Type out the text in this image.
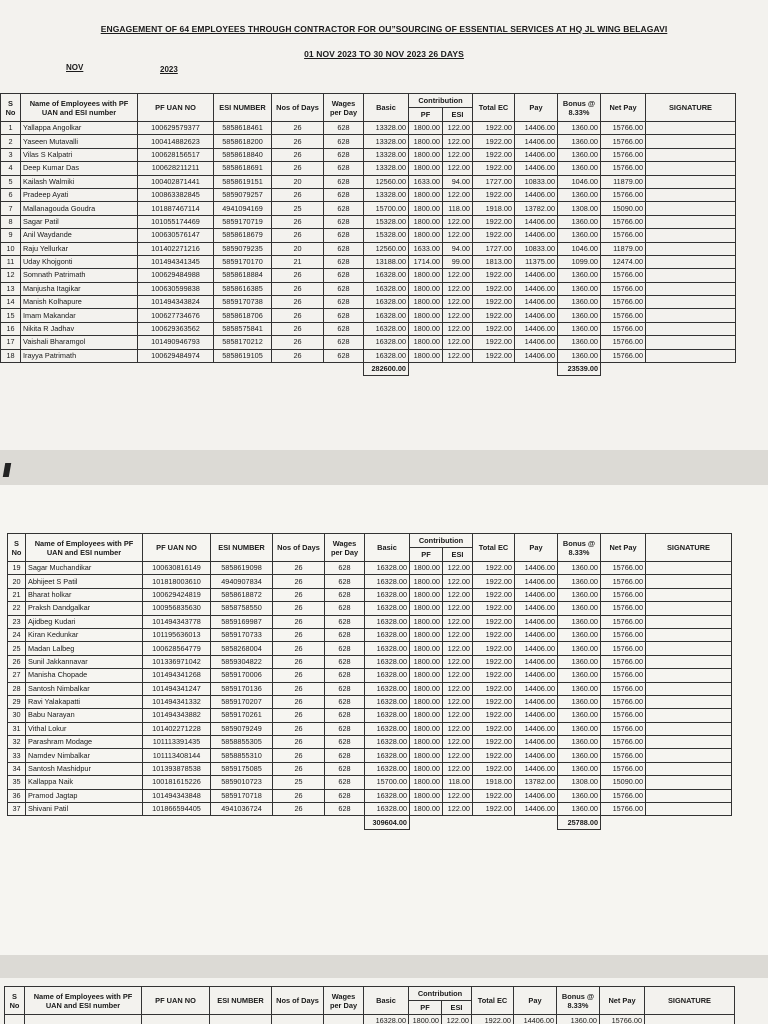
ENGAGEMENT OF 64 EMPLOYEES THROUGH CONTRACTOR FOR OU”SOURCING OF ESSENTIAL SERVICES AT HQ JL WING BELAGAVI
01 NOV 2023 TO 30 NOV 2023 26 DAYS
NOV	2023
S No	Name of Employees with PF UAN and ESI number	PF UAN NO	ESI NUMBER	Nos of Days	Wages per Day	Basic	Contribution		Total EC	Pay	Bonus @ 8.33%	Net Pay	SIGNATURE
							PF	ESI					
1	Yallappa Angolkar	100629579377	5858618461	26	628	13328.00	1800.00	122.00	1922.00	14406.00	1360.00	15766.00	
2	Yaseen Mutavalli	100414882623	5858618200	26	628	13328.00	1800.00	122.00	1922.00	14406.00	1360.00	15766.00	
3	Vilas S Kalpatri	100628156517	5858618840	26	628	13328.00	1800.00	122.00	1922.00	14406.00	1360.00	15766.00	
4	Deep Kumar Das	100628211211	5858618691	26	628	13328.00	1800.00	122.00	1922.00	14406.00	1360.00	15766.00	
5	Kailash Walmiki	100402871441	5858619151	20	628	12560.00	1633.00	94.00	1727.00	10833.00	1046.00	11879.00	
6	Pradeep Ayati	100863382845	5859079257	26	628	13328.00	1800.00	122.00	1922.00	14406.00	1360.00	15766.00	
7	Mallanagouda Goudra	101887467114	4941094169	25	628	15700.00	1800.00	118.00	1918.00	13782.00	1308.00	15090.00	
8	Sagar Patil	101055174469	5859170719	26	628	15328.00	1800.00	122.00	1922.00	14406.00	1360.00	15766.00	
9	Anil Waydande	100630576147	5858618679	26	628	15328.00	1800.00	122.00	1922.00	14406.00	1360.00	15766.00	
10	Raju Yellurkar	101402271216	5859079235	20	628	12560.00	1633.00	94.00	1727.00	10833.00	1046.00	11879.00	
11	Uday Khojgonti	101494341345	5859170170	21	628	13188.00	1714.00	99.00	1813.00	11375.00	1099.00	12474.00	
12	Somnath Patrimath	100629484988	5858618884	26	628	16328.00	1800.00	122.00	1922.00	14406.00	1360.00	15766.00	
13	Manjusha Itagikar	100630599838	5858616385	26	628	16328.00	1800.00	122.00	1922.00	14406.00	1360.00	15766.00	
14	Manish Kolhapure	101494343824	5859170738	26	628	16328.00	1800.00	122.00	1922.00	14406.00	1360.00	15766.00	
15	Imam Makandar	100627734676	5858618706	26	628	16328.00	1800.00	122.00	1922.00	14406.00	1360.00	15766.00	
16	Nikita R Jadhav	100629363562	5858575841	26	628	16328.00	1800.00	122.00	1922.00	14406.00	1360.00	15766.00	
17	Vaishali Bharamgol	101490946793	5858170212	26	628	16328.00	1800.00	122.00	1922.00	14406.00	1360.00	15766.00	
18	Irayya Patrimath	100629484974	5858619105	26	628	16328.00	1800.00	122.00	1922.00	14406.00	1360.00	15766.00	
						282600.00					23539.00		
S No	Name of Employees with PF UAN and ESI number	PF UAN NO	ESI NUMBER	Nos of Days	Wages per Day	Basic	Contribution		Total EC	Pay	Bonus @ 8.33%	Net Pay	SIGNATURE
							PF	ESI					
19	Sagar Muchandikar	100630816149	5858619098	26	628	16328.00	1800.00	122.00	1922.00	14406.00	1360.00	15766.00	
20	Abhijeet S Patil	101818003610	4940907834	26	628	16328.00	1800.00	122.00	1922.00	14406.00	1360.00	15766.00	
21	Bharat holkar	100629424819	5858618872	26	628	16328.00	1800.00	122.00	1922.00	14406.00	1360.00	15766.00	
22	Praksh Dandgalkar	100956835630	5858758550	26	628	16328.00	1800.00	122.00	1922.00	14406.00	1360.00	15766.00	
23	Ajidbeg Kudari	101494343778	5859169987	26	628	16328.00	1800.00	122.00	1922.00	14406.00	1360.00	15766.00	
24	Kiran Kedunkar	101195636013	5859170733	26	628	16328.00	1800.00	122.00	1922.00	14406.00	1360.00	15766.00	
25	Madan Lalbeg	100628564779	5858268004	26	628	16328.00	1800.00	122.00	1922.00	14406.00	1360.00	15766.00	
26	Sunil Jakkannavar	101336971042	5859304822	26	628	16328.00	1800.00	122.00	1922.00	14406.00	1360.00	15766.00	
27	Manisha Chopade	101494341268	5859170006	26	628	16328.00	1800.00	122.00	1922.00	14406.00	1360.00	15766.00	
28	Santosh Nimbalkar	101494341247	5859170136	26	628	16328.00	1800.00	122.00	1922.00	14406.00	1360.00	15766.00	
29	Ravi Yalakapatti	101494341332	5859170207	26	628	16328.00	1800.00	122.00	1922.00	14406.00	1360.00	15766.00	
30	Babu Narayan	101494343882	5859170261	26	628	16328.00	1800.00	122.00	1922.00	14406.00	1360.00	15766.00	
31	Vithal Lokur	101402271228	5859079249	26	628	16328.00	1800.00	122.00	1922.00	14406.00	1360.00	15766.00	
32	Parashram Modage	101113391435	5858855305	26	628	16328.00	1800.00	122.00	1922.00	14406.00	1360.00	15766.00	
33	Namdev Nimbalkar	101113408144	5858855310	26	628	16328.00	1800.00	122.00	1922.00	14406.00	1360.00	15766.00	
34	Santosh Mashidpur	101393878538	5859175085	26	628	16328.00	1800.00	122.00	1922.00	14406.00	1360.00	15766.00	
35	Kallappa Naik	100181615226	5859010723	25	628	15700.00	1800.00	118.00	1918.00	13782.00	1308.00	15090.00	
36	Pramod Jagtap	101494343848	5859170718	26	628	16328.00	1800.00	122.00	1922.00	14406.00	1360.00	15766.00	
37	Shivani Patil	101866594405	4941036724	26	628	16328.00	1800.00	122.00	1922.00	14406.00	1360.00	15766.00	
						309604.00					25788.00		
S No	Name of Employees with PF UAN and ESI number	PF UAN NO	ESI NUMBER	Nos of Days	Wages per Day	Basic	Contribution		Total EC	Pay	Bonus @ 8.33%	Net Pay	SIGNATURE
							PF	ESI					
						16328.00	1800.00	122.00	1922.00	14406.00	1360.00	15766.00	
